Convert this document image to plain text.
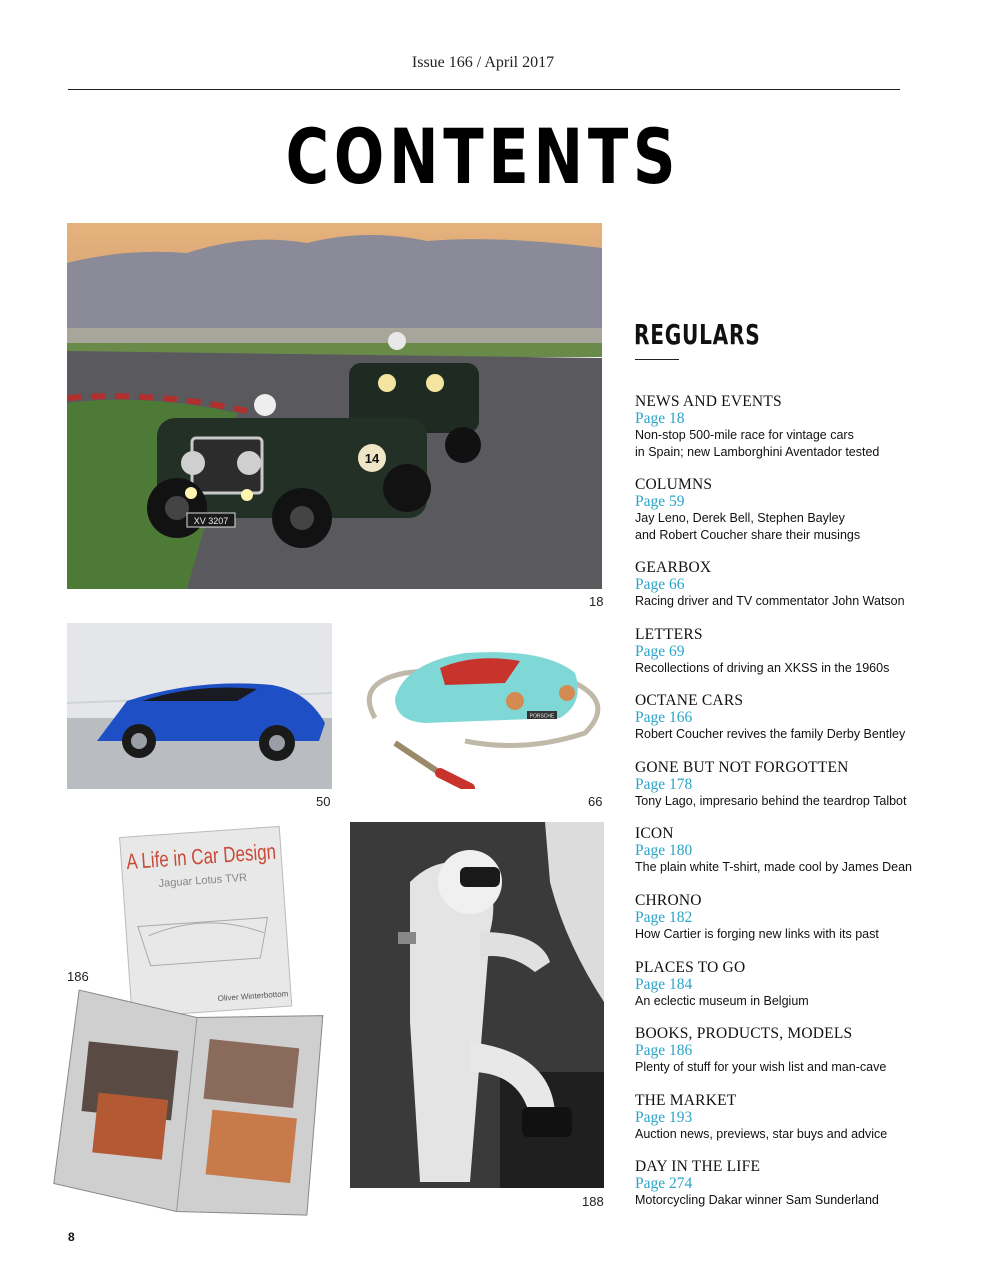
Issue 166 / April 2017
CONTENTS
XV 3207
14
18
50
PORSCHE
66
A Life in Car Design
Jaguar Lotus TVR
Oliver Winterbottom
186
188
REGULARS
NEWS AND EVENTS
Page 18
Non-stop 500-mile race for vintage cars
in Spain; new Lamborghini Aventador tested
COLUMNS
Page 59
Jay Leno, Derek Bell, Stephen Bayley
and Robert Coucher share their musings
GEARBOX
Page 66
Racing driver and TV commentator John Watson
LETTERS
Page 69
Recollections of driving an XKSS in the 1960s
OCTANE CARS
Page 166
Robert Coucher revives the family Derby Bentley
GONE BUT NOT FORGOTTEN
Page 178
Tony Lago, impresario behind the teardrop Talbot
ICON
Page 180
The plain white T-shirt, made cool by James Dean
CHRONO
Page 182
How Cartier is forging new links with its past
PLACES TO GO
Page 184
An eclectic museum in Belgium
BOOKS, PRODUCTS, MODELS
Page 186
Plenty of stuff for your wish list and man-cave
THE MARKET
Page 193
Auction news, previews, star buys and advice
DAY IN THE LIFE
Page 274
Motorcycling Dakar winner Sam Sunderland
8
